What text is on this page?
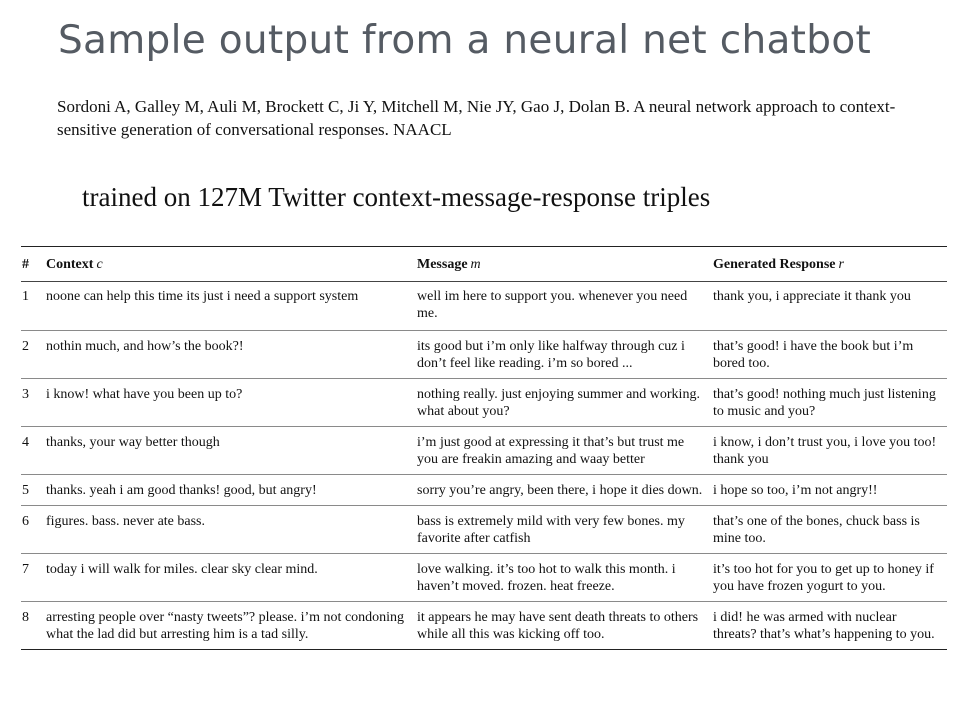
Sample output from a neural net chatbot
Sordoni A, Galley M, Auli M, Brockett C, Ji Y, Mitchell M, Nie JY, Gao J, Dolan B. A neural network approach to context-sensitive generation of conversational responses. NAACL
trained on 127M Twitter context-message-response triples
#	Context c	Message m	Generated Response r
1	noone can help this time its just i need a support system	well im here to support you. whenever you need me.	thank you, i appreciate it thank you
2	nothin much, and how’s the book?!	its good but i’m only like halfway through cuz i don’t feel like reading. i’m so bored ...	that’s good! i have the book but i’m bored too.
3	i know! what have you been up to?	nothing really. just enjoying summer and working. what about you?	that’s good! nothing much just listening to music and you?
4	thanks, your way better though	i’m just good at expressing it that’s but trust me you are freakin amazing and waay better	i know, i don’t trust you, i love you too! thank you
5	thanks. yeah i am good thanks! good, but angry!	sorry you’re angry, been there, i hope it dies down.	i hope so too, i’m not angry!!
6	figures. bass. never ate bass.	bass is extremely mild with very few bones. my favorite after catfish	that’s one of the bones, chuck bass is mine too.
7	today i will walk for miles. clear sky clear mind.	love walking. it’s too hot to walk this month. i haven’t moved. frozen. heat freeze.	it’s too hot for you to get up to honey if you have frozen yogurt to you.
8	arresting people over “nasty tweets”? please. i’m not condoning what the lad did but arresting him is a tad silly.	it appears he may have sent death threats to others while all this was kicking off too.	i did! he was armed with nuclear threats? that’s what’s happening to you.
